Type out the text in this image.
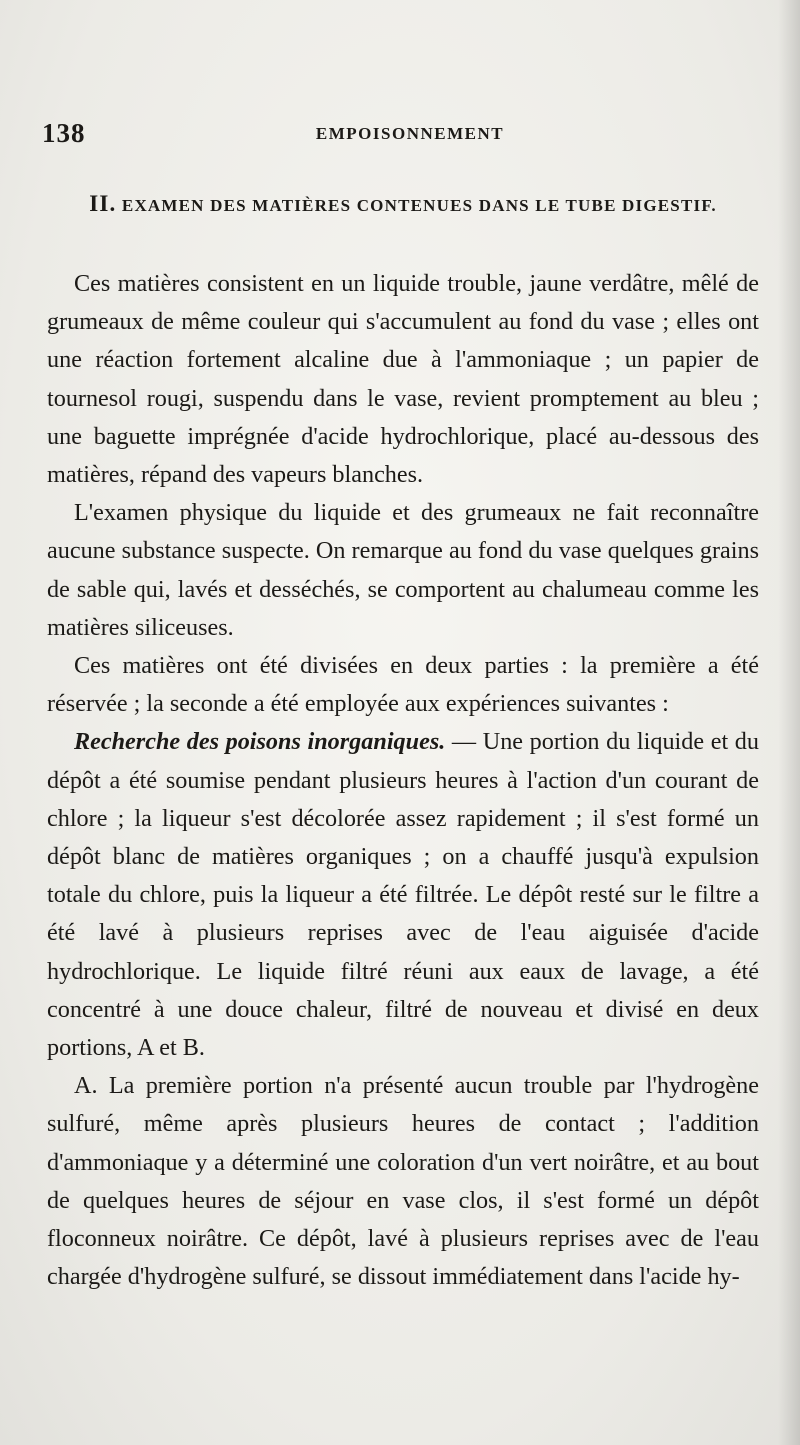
138	EMPOISONNEMENT
II. EXAMEN DES MATIÈRES CONTENUES DANS LE TUBE DIGESTIF.

Ces matières consistent en un liquide trouble, jaune verdâtre, mêlé de grumeaux de même couleur qui s'accumulent au fond du vase ; elles ont une réaction fortement alcaline due à l'ammoniaque ; un papier de tournesol rougi, suspendu dans le vase, revient promptement au bleu ; une baguette imprégnée d'acide hydrochlorique, placé au-dessous des matières, répand des vapeurs blanches.

L'examen physique du liquide et des grumeaux ne fait reconnaître aucune substance suspecte. On remarque au fond du vase quelques grains de sable qui, lavés et desséchés, se comportent au chalumeau comme les matières siliceuses.

Ces matières ont été divisées en deux parties : la première a été réservée ; la seconde a été employée aux expériences suivantes :

Recherche des poisons inorganiques. — Une portion du liquide et du dépôt a été soumise pendant plusieurs heures à l'action d'un courant de chlore ; la liqueur s'est décolorée assez rapidement ; il s'est formé un dépôt blanc de matières organiques ; on a chauffé jusqu'à expulsion totale du chlore, puis la liqueur a été filtrée. Le dépôt resté sur le filtre a été lavé à plusieurs reprises avec de l'eau aiguisée d'acide hydrochlorique. Le liquide filtré réuni aux eaux de lavage, a été concentré à une douce chaleur, filtré de nouveau et divisé en deux portions, A et B.

A. La première portion n'a présenté aucun trouble par l'hydrogène sulfuré, même après plusieurs heures de contact ; l'addition d'ammoniaque y a déterminé une coloration d'un vert noirâtre, et au bout de quelques heures de séjour en vase clos, il s'est formé un dépôt floconneux noirâtre. Ce dépôt, lavé à plusieurs reprises avec de l'eau chargée d'hydrogène sulfuré, se dissout immédiatement dans l'acide hy-
